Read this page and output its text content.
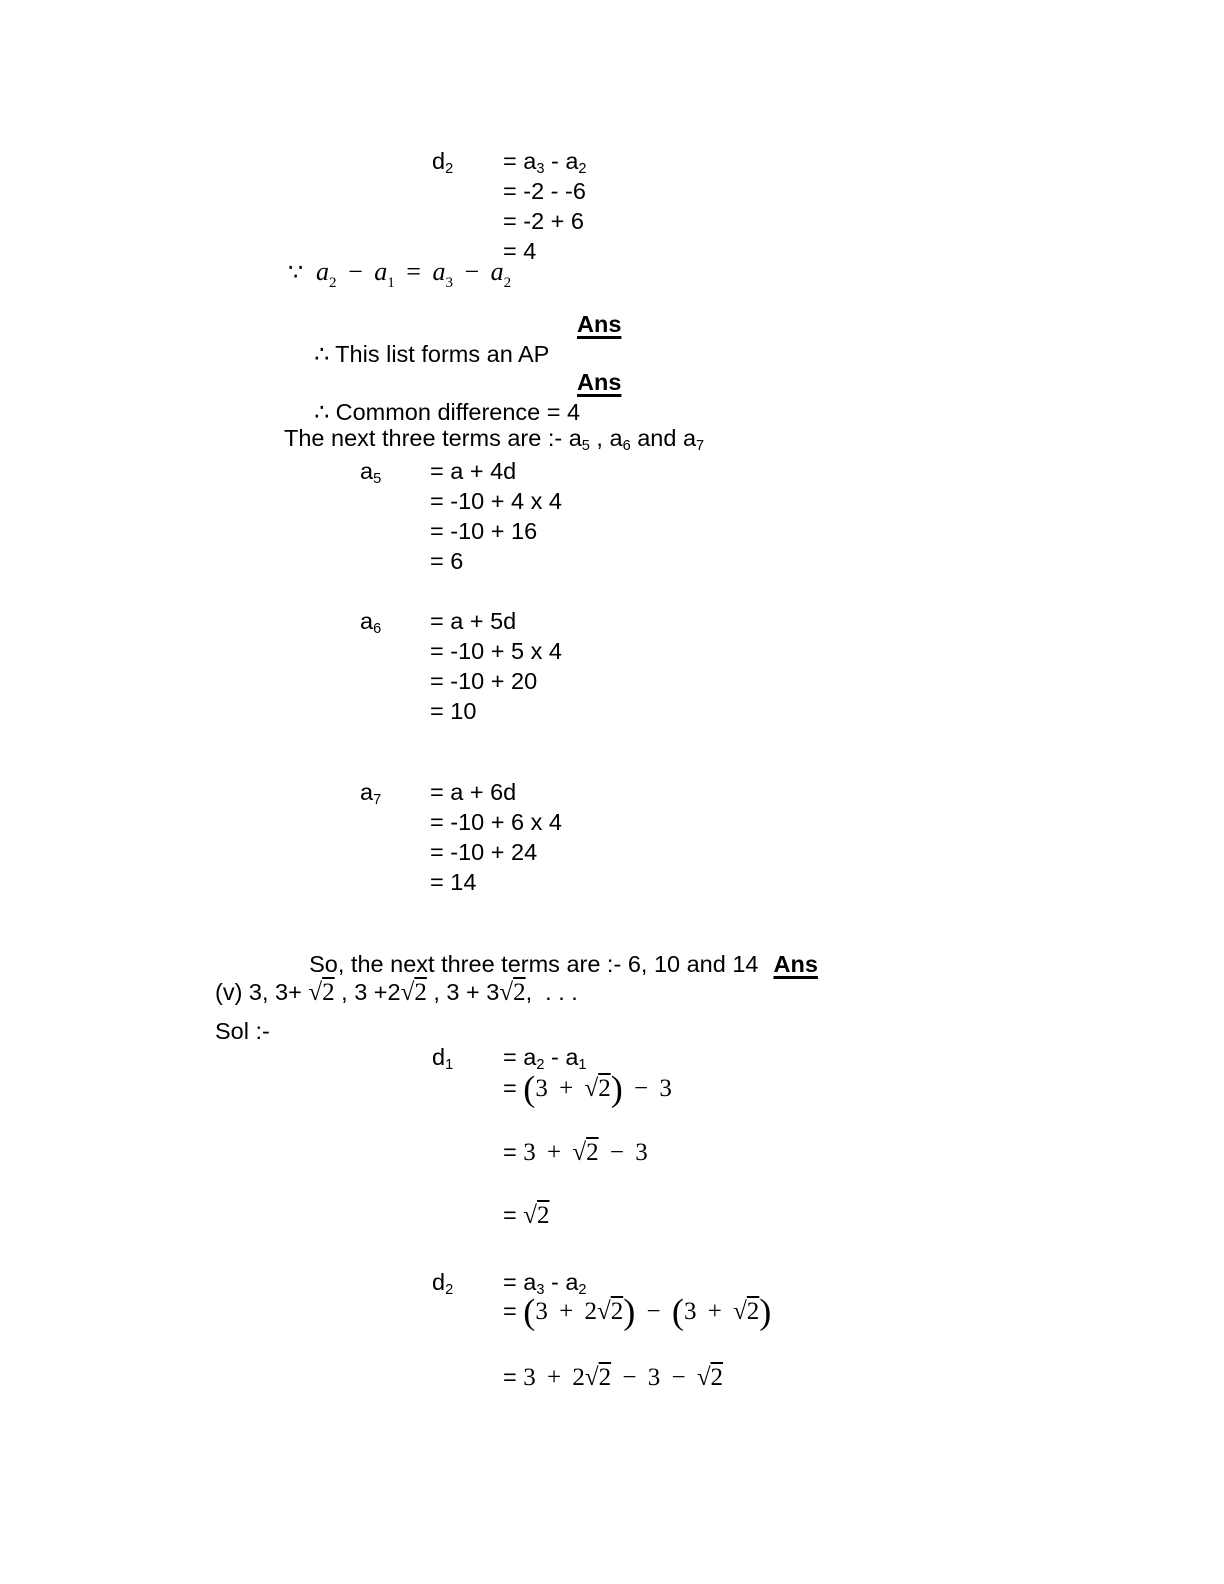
$d_2 = a_3 - a_2$
= -2 - -6
= -2 + 6
= 4
∵  $a_2 - a_1 = a_3 - a_2$

∴ This list forms an AP

Ans

∴ Common difference = 4

Ans

The next three terms are :- $a_5$ , $a_6$ and $a_7$
$a_5 = a + 4d$
= -10 + 4 x 4
= -10 + 16
= 6
$a_6 = a + 5d$
= -10 + 5 x 4
= -10 + 20
= 10
$a_7 = a + 6d$
= -10 + 6 x 4
= -10 + 24
= 14

So, the next three terms are :- 6, 10 and 14 Ans

(v) 3, 3+ √2 , 3 +2√2 , 3 + 3√2,  . . .
Sol :-
$d_1 = a_2 - a_1$
= (3 + √2) − 3
= 3 + √2 − 3
= √2
$d_2 = a_3 - a_2$
= (3 + 2√2) − (3 + √2)
= 3 + 2√2 − 3 − √2
